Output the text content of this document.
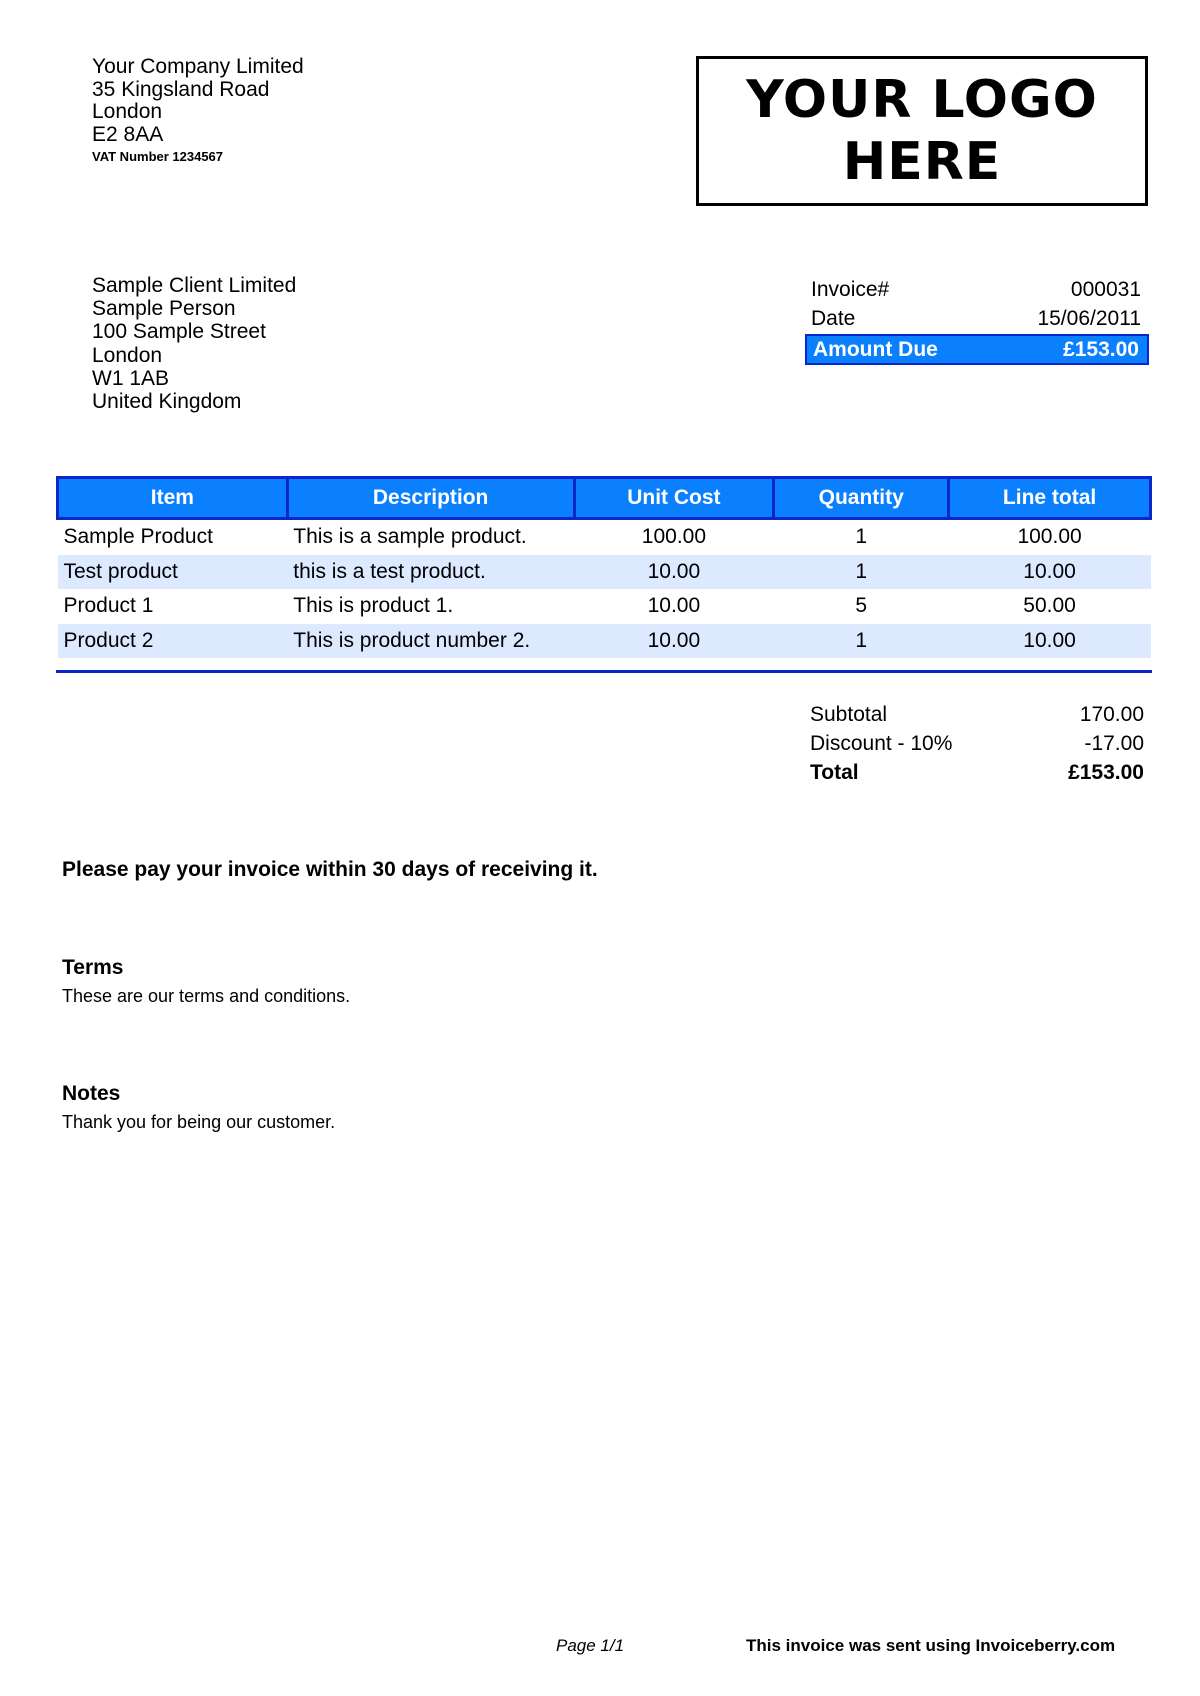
Your Company Limited
35 Kingsland Road
London
E2 8AA
VAT Number 1234567
YOUR LOGO HERE
Sample Client Limited
Sample Person
100 Sample Street
London
W1 1AB
United Kingdom
Invoice#	000031
Date	15/06/2011
Amount Due	£153.00
Item	Description	Unit Cost	Quantity	Line total
Sample Product	This is a sample product.	100.00	1	100.00
Test product	this is a test product.	10.00	1	10.00
Product 1	This is product 1.	10.00	5	50.00
Product 2	This is product number 2.	10.00	1	10.00
Subtotal	170.00
Discount - 10%	-17.00
Total	£153.00
Please pay your invoice within 30 days of receiving it.
Terms
These are our terms and conditions.
Notes
Thank you for being our customer.
Page 1/1	This invoice was sent using Invoiceberry.com
